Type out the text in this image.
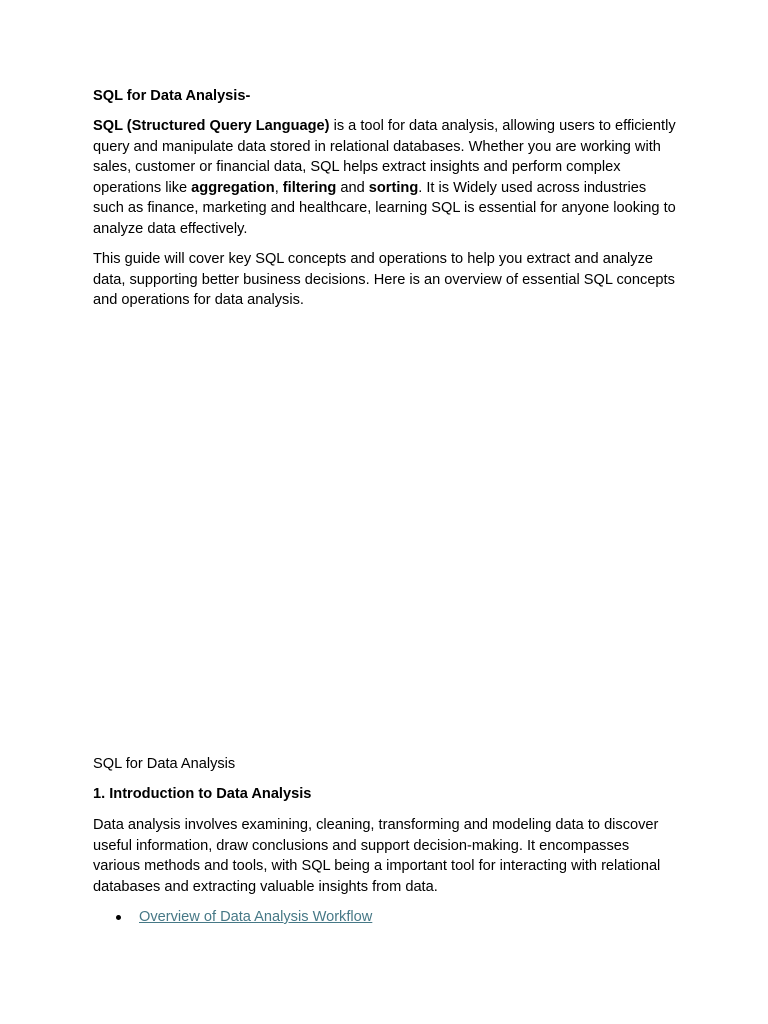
SQL for Data Analysis-

SQL (Structured Query Language) is a tool for data analysis, allowing users to efficiently query and manipulate data stored in relational databases. Whether you are working with sales, customer or financial data, SQL helps extract insights and perform complex operations like aggregation, filtering and sorting. It is Widely used across industries such as finance, marketing and healthcare, learning SQL is essential for anyone looking to analyze data effectively.

This guide will cover key SQL concepts and operations to help you extract and analyze data, supporting better business decisions. Here is an overview of essential SQL concepts and operations for data analysis.

SQL for Data Analysis

1. Introduction to Data Analysis

Data analysis involves examining, cleaning, transforming and modeling data to discover useful information, draw conclusions and support decision-making. It encompasses various methods and tools, with SQL being a important tool for interacting with relational databases and extracting valuable insights from data.

Overview of Data Analysis Workflow
